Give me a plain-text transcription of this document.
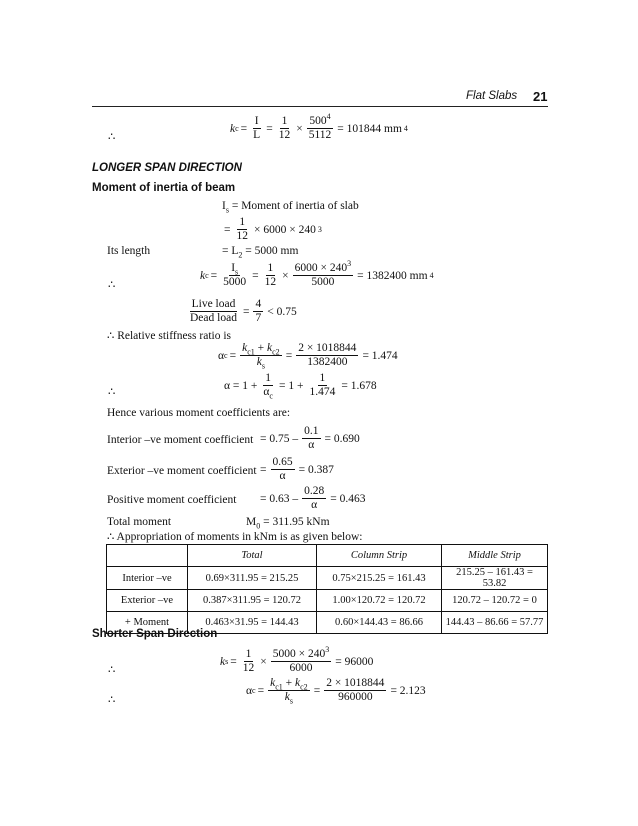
Flat Slabs 21
∴
k $c = \frac{I}{L} = \frac{1}{12} \times \frac{500^4}{5112} = 101844$ mm 4
LONGER SPAN DIRECTION
Moment of inertia of beam
$I_s$ = Moment of inertia of slab
= $\frac{1}{12} \times 6000 \times 240$ 3
Its length	= $L_2 = 5000$ mm
∴
k $c = \frac{I_s}{5000} = \frac{1}{12} \times \frac{6000 \times 240^3}{5000} = 1382400$ mm 4
$\frac{\text{Live load}}{\text{Dead load}} = \frac{4}{7} < 0.75$
∴ Relative stiffness ratio is
α $c = \frac{k_{c1} + k_{c2}}{k_s} = \frac{2 \times 1018844}{1382400} = 1.474$
∴
$\alpha = 1 + \frac{1}{\alpha_c} = 1 + \frac{1}{1.474} = 1.678$
Hence various moment coefficients are:
Interior –ve moment coefficient = $0.75 - \frac{0.1}{\alpha} = 0.690$
Exterior –ve moment coefficient = $\frac{0.65}{\alpha} = 0.387$
Positive moment coefficient = $0.63 - \frac{0.28}{\alpha} = 0.463$
Total moment	$M_0 = 311.95$ kNm
∴ Appropriation of moments in kNm is as given below:
	Total	Column Strip	Middle Strip
Interior –ve	0.69×311.95 = 215.25	0.75×215.25 = 161.43	215.25 – 161.43 = 53.82
Exterior –ve	0.387×311.95 = 120.72	1.00×120.72 = 120.72	120.72 – 120.72 = 0
+ Moment	0.463×31.95 = 144.43	0.60×144.43 = 86.66	144.43 – 86.66 = 57.77
Shorter Span Direction
∴
k $s = \frac{1}{12} \times \frac{5000 \times 240^3}{6000} = 96000$
∴
α $c = \frac{k_{c1} + k_{c2}}{k_s} = \frac{2 \times 1018844}{960000} = 2.123$
